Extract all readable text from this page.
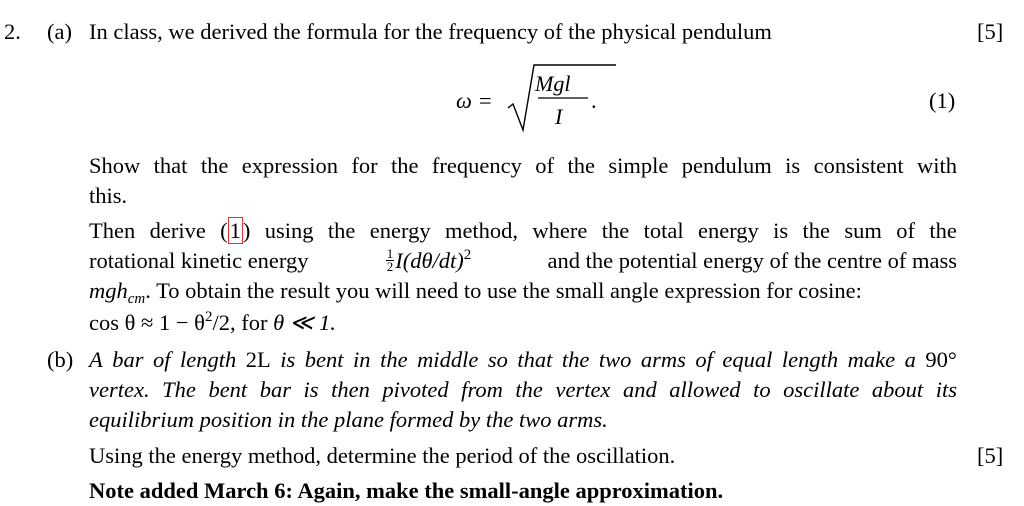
2. (a) In class, we derived the formula for the frequency of the physical pendulum	[5]
ω =
Mgl
I
.	(1)
Show that the expression for the frequency of the simple pendulum is consistent with
this.
Then derive (1) using the energy method, where the total energy is the sum of the
rotational kinetic energy	$\frac{1}{2} I(d\theta/dt)^2$	and the potential energy of the centre of mass
mgh$_{cm}$. To obtain the result you will need to use the small angle expression for cosine:
$\cos \theta \approx 1 - \theta^2/2$, for θ ≪ 1.
(b) A bar of length 2L is bent in the middle so that the two arms of equal length make a 90°
vertex. The bent bar is then pivoted from the vertex and allowed to oscillate about its
equilibrium position in the plane formed by the two arms.
Using the energy method, determine the period of the oscillation.	[5]
Note added March 6: Again, make the small-angle approximation.
